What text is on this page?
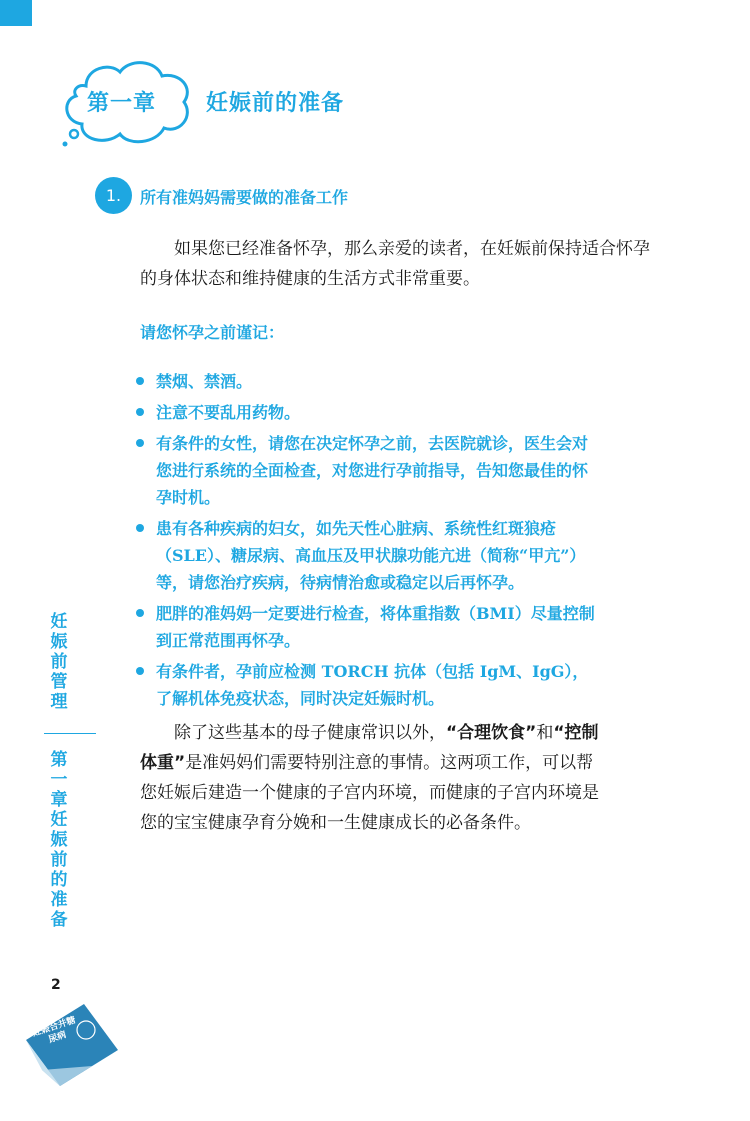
第一章 妊娠前的准备
1.	所有准妈妈需要做的准备工作

如果您已经准备怀孕，那么亲爱的读者，在妊娠前保持适合怀孕的身体状态和维持健康的生活方式非常重要。

请您怀孕之前谨记：
禁烟、禁酒。
注意不要乱用药物。
有条件的女性，请您在决定怀孕之前，去医院就诊，医生会对您进行系统的全面检查，对您进行孕前指导，告知您最佳的怀孕时机。
患有各种疾病的妇女，如先天性心脏病、系统性红斑狼疮（SLE）、糖尿病、高血压及甲状腺功能亢进（简称“甲亢”）等，请您治疗疾病，待病情治愈或稳定以后再怀孕。
肥胖的准妈妈一定要进行检查，将体重指数（BMI）尽量控制到正常范围再怀孕。
有条件者，孕前应检测 TORCH 抗体（包括 IgM、IgG），了解机体免疫状态，同时决定妊娠时机。

除了这些基本的母子健康常识以外，“合理饮食”和“控制体重”是准妈妈们需要特别注意的事情。这两项工作，可以帮您妊娠后建造一个健康的子宫内环境，而健康的子宫内环境是您的宝宝健康孕育分娩和一生健康成长的必备条件。

妊娠前管理
第一章 妊娠前的准备
2
妊娠合并糖尿病
